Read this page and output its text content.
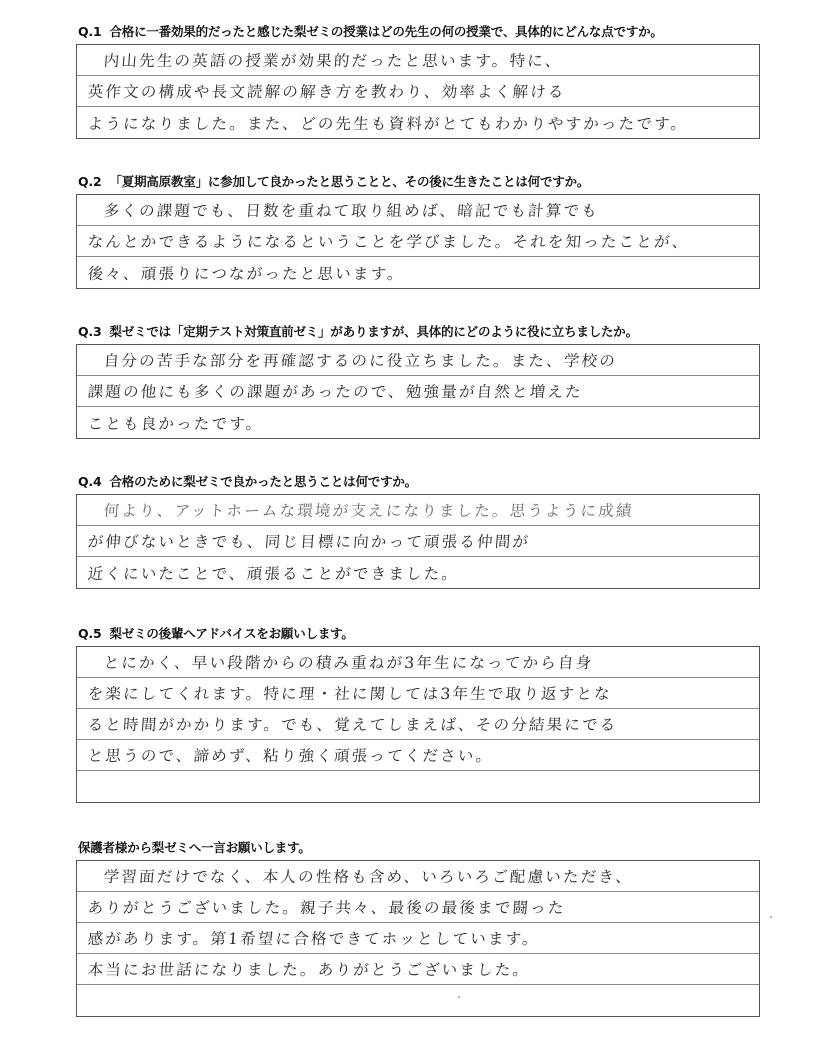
Q.1 合格に一番効果的だったと感じた梨ゼミの授業はどの先生の何の授業で、具体的にどんな点ですか。
内山先生の英語の授業が効果的だったと思います。特に、
英作文の構成や長文読解の解き方を教わり、効率よく解ける
ようになりました。また、どの先生も資料がとてもわかりやすかったです。
Q.2 「夏期高原教室」に参加して良かったと思うことと、その後に生きたことは何ですか。
多くの課題でも、日数を重ねて取り組めば、暗記でも計算でも
なんとかできるようになるということを学びました。それを知ったことが、
後々、頑張りにつながったと思います。
Q.3 梨ゼミでは「定期テスト対策直前ゼミ」がありますが、具体的にどのように役に立ちましたか。
自分の苦手な部分を再確認するのに役立ちました。また、学校の
課題の他にも多くの課題があったので、勉強量が自然と増えた
ことも良かったです。
Q.4 合格のために梨ゼミで良かったと思うことは何ですか。
何より、アットホームな環境が支えになりました。思うように成績
が伸びないときでも、同じ目標に向かって頑張る仲間が
近くにいたことで、頑張ることができました。
Q.5 梨ゼミの後輩へアドバイスをお願いします。
とにかく、早い段階からの積み重ねが3年生になってから自身
を楽にしてくれます。特に理・社に関しては3年生で取り返すとな
ると時間がかかります。でも、覚えてしまえば、その分結果にでる
と思うので、諦めず、粘り強く頑張ってください。
保護者様から梨ゼミへ一言お願いします。
学習面だけでなく、本人の性格も含め、いろいろご配慮いただき、
ありがとうございました。親子共々、最後の最後まで闘った
感があります。第1希望に合格できてホッとしています。
本当にお世話になりました。ありがとうございました。
